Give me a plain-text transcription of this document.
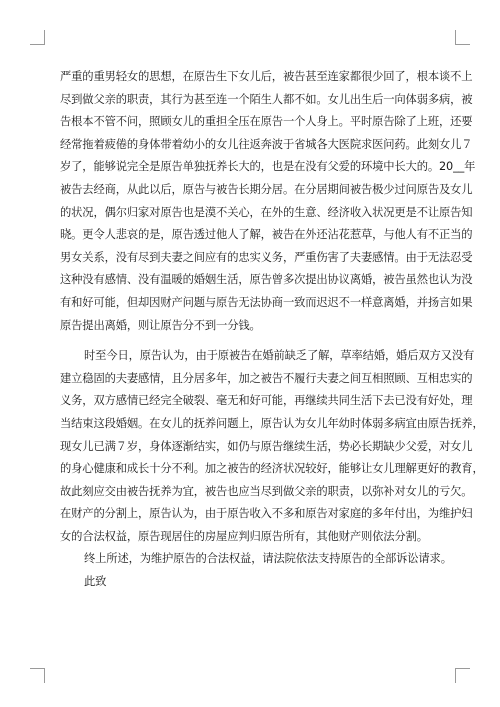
严重的重男轻女的思想，在原告生下女儿后，被告甚至连家都很少回了，根本谈不上
尽到做父亲的职责，其行为甚至连一个陌生人都不如。女儿出生后一向体弱多病，被
告根本不管不问，照顾女儿的重担全压在原告一个人身上。平时原告除了上班，还要
经常拖着疲倦的身体带着幼小的女儿往返奔波于省城各大医院求医问药。此刻女儿７
岁了，能够说完全是原告单独抚养长大的，也是在没有父爱的环境中长大的。20__年
被告去经商，从此以后，原告与被告长期分居。在分居期间被告极少过问原告及女儿
的状况，偶尔归家对原告也是漠不关心，在外的生意、经济收入状况更是不让原告知
晓。更令人悲哀的是，原告透过他人了解，被告在外还沾花惹草，与他人有不正当的
男女关系，没有尽到夫妻之间应有的忠实义务，严重伤害了夫妻感情。由于无法忍受
这种没有感情、没有温暖的婚姻生活，原告曾多次提出协议离婚，被告虽然也认为没
有和好可能，但却因财产问题与原告无法协商一致而迟迟不一样意离婚，并扬言如果
原告提出离婚，则让原告分不到一分钱。
时至今日，原告认为，由于原被告在婚前缺乏了解，草率结婚，婚后双方又没有
建立稳固的夫妻感情，且分居多年，加之被告不履行夫妻之间互相照顾、互相忠实的
义务，双方感情已经完全破裂、毫无和好可能，再继续共同生活下去已没有好处，理
当结束这段婚姻。在女儿的抚养问题上，原告认为女儿年幼时体弱多病宜由原告抚养，
现女儿已满７岁，身体逐渐结实，如仍与原告继续生活，势必长期缺少父爱，对女儿
的身心健康和成长十分不利。加之被告的经济状况较好，能够让女儿理解更好的教育，
故此刻应交由被告抚养为宜，被告也应当尽到做父亲的职责，以弥补对女儿的亏欠。
在财产的分割上，原告认为，由于原告收入不多和原告对家庭的多年付出，为维护妇
女的合法权益，原告现居住的房屋应判归原告所有，其他财产则依法分割。
终上所述，为维护原告的合法权益，请法院依法支持原告的全部诉讼请求。
此致
